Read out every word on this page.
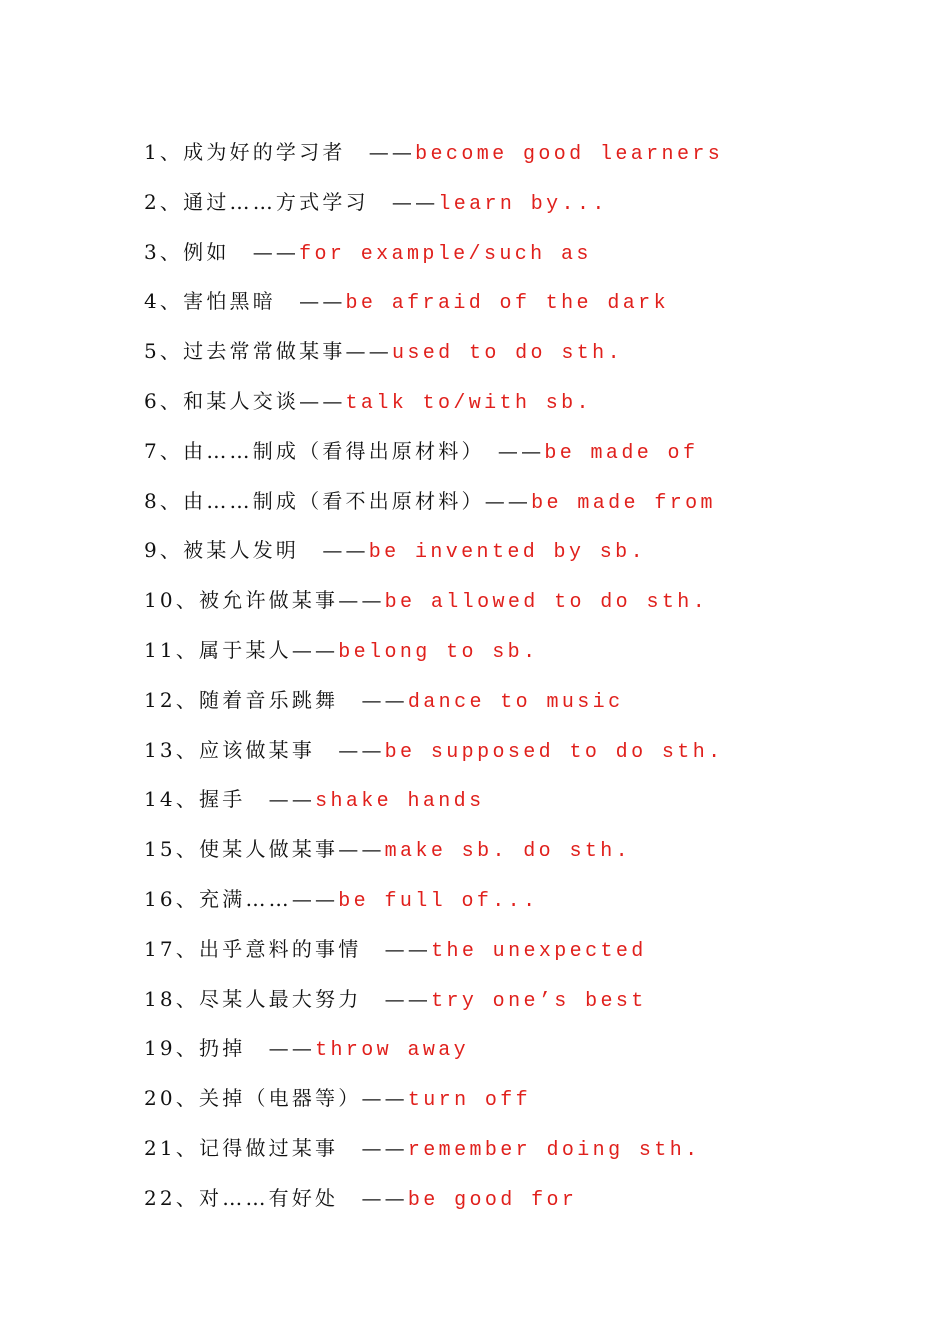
1、成为好的学习者　——become good learners
2、通过……方式学习　——learn by...
3、例如　——for example/such as
4、害怕黑暗　——be afraid of the dark
5、过去常常做某事——used to do sth.
6、和某人交谈——talk to/with sb.
7、由……制成（看得出原材料）　——be made of
8、由……制成（看不出原材料）——be made from
9、被某人发明　——be invented by sb.
10、被允许做某事——be allowed to do sth.
11、属于某人——belong to sb.
12、随着音乐跳舞　——dance to music
13、应该做某事　——be supposed to do sth.
14、握手　——shake hands
15、使某人做某事——make sb. do sth.
16、充满……——be full of...
17、出乎意料的事情　——the unexpected
18、尽某人最大努力　——try one’s best
19、扔掉　——throw away
20、关掉（电器等）——turn off
21、记得做过某事　——remember doing sth.
22、对……有好处　——be good for
